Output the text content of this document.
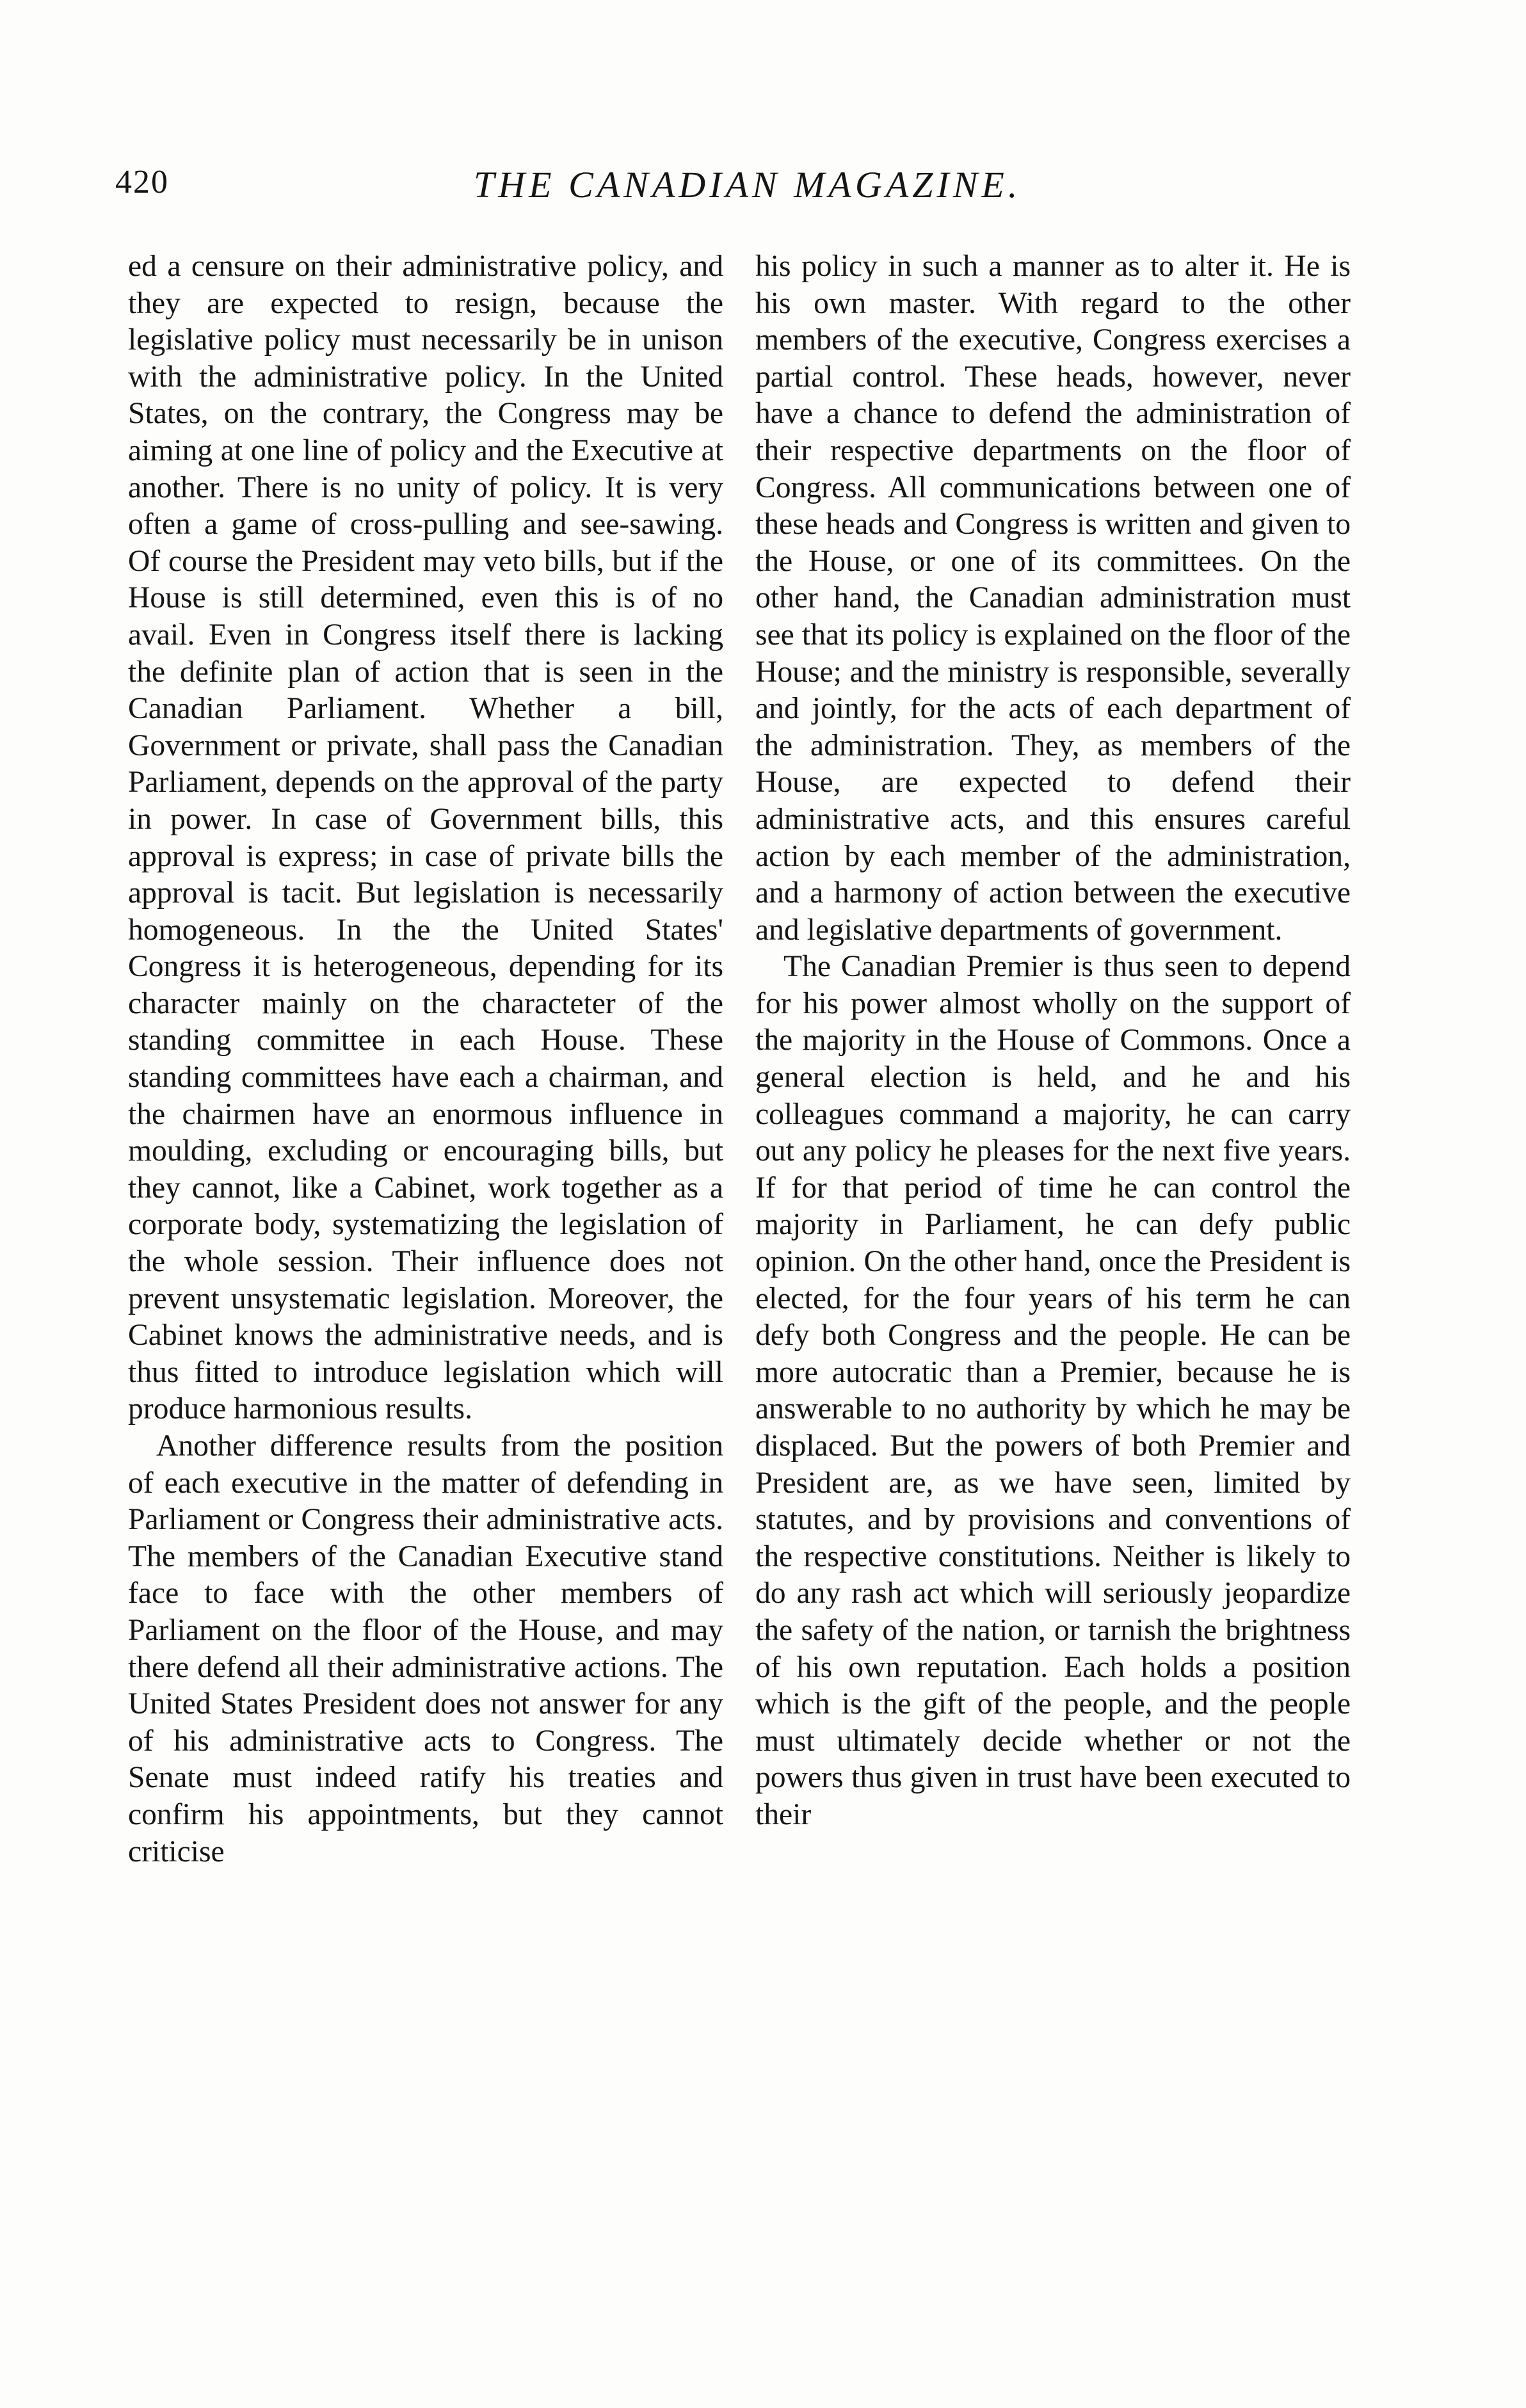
420	THE CANADIAN MAGAZINE.

ed a censure on their administrative policy, and they are expected to resign, because the legislative policy must necessarily be in unison with the administrative policy. In the United States, on the contrary, the Congress may be aiming at one line of policy and the Executive at another. There is no unity of policy. It is very often a game of cross-pulling and see-sawing. Of course the President may veto bills, but if the House is still determined, even this is of no avail. Even in Congress itself there is lacking the definite plan of action that is seen in the Canadian Parliament. Whether a bill, Government or private, shall pass the Canadian Parliament, depends on the approval of the party in power. In case of Government bills, this approval is express; in case of private bills the approval is tacit. But legislation is necessarily homogeneous. In the the United States' Congress it is heterogeneous, depending for its character mainly on the characteter of the standing committee in each House. These standing committees have each a chairman, and the chairmen have an enormous influence in moulding, excluding or encouraging bills, but they cannot, like a Cabinet, work together as a corporate body, systematizing the legislation of the whole session. Their influence does not prevent unsystematic legislation. Moreover, the Cabinet knows the administrative needs, and is thus fitted to introduce legislation which will produce harmonious results.

Another difference results from the position of each executive in the matter of defending in Parliament or Congress their administrative acts. The members of the Canadian Executive stand face to face with the other members of Parliament on the floor of the House, and may there defend all their administrative actions. The United States President does not answer for any of his administrative acts to Congress. The Senate must indeed ratify his treaties and confirm his appointments, but they cannot criticise

his policy in such a manner as to alter it. He is his own master. With regard to the other members of the executive, Congress exercises a partial control. These heads, however, never have a chance to defend the administration of their respective departments on the floor of Congress. All communications between one of these heads and Congress is written and given to the House, or one of its committees. On the other hand, the Canadian administration must see that its policy is explained on the floor of the House; and the ministry is responsible, severally and jointly, for the acts of each department of the administration. They, as members of the House, are expected to defend their administrative acts, and this ensures careful action by each member of the administration, and a harmony of action between the executive and legislative departments of government.

The Canadian Premier is thus seen to depend for his power almost wholly on the support of the majority in the House of Commons. Once a general election is held, and he and his colleagues command a majority, he can carry out any policy he pleases for the next five years. If for that period of time he can control the majority in Parliament, he can defy public opinion. On the other hand, once the President is elected, for the four years of his term he can defy both Congress and the people. He can be more autocratic than a Premier, because he is answerable to no authority by which he may be displaced. But the powers of both Premier and President are, as we have seen, limited by statutes, and by provisions and conventions of the respective constitutions. Neither is likely to do any rash act which will seriously jeopardize the safety of the nation, or tarnish the brightness of his own reputation. Each holds a position which is the gift of the people, and the people must ultimately decide whether or not the powers thus given in trust have been executed to their
